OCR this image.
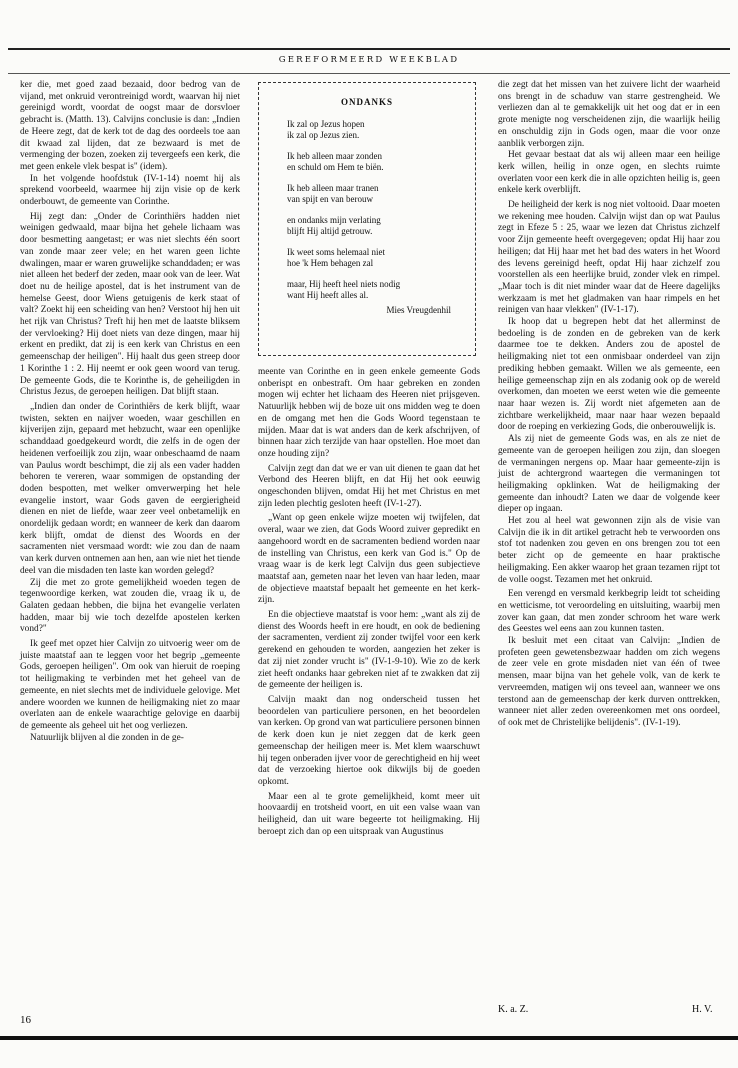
GEREFORMEERD WEEKBLAD

ker die, met goed zaad bezaaid, door bedrog van de vijand, met onkruid verontreinigd wordt, waarvan hij niet gereinigd wordt, voordat de oogst maar de dorsvloer gebracht is. (Matth. 13). Calvijns conclusie is dan: „Indien de Heere zegt, dat de kerk tot de dag des oordeels toe aan dit kwaad zal lijden, dat ze bezwaard is met de vermenging der bozen, zoeken zij tevergeefs een kerk, die met geen enkele vlek bespat is" (idem).

In het volgende hoofdstuk (IV-1-14) noemt hij als sprekend voorbeeld, waarmee hij zijn visie op de kerk onderbouwt, de gemeente van Corinthe.

Hij zegt dan: „Onder de Corinthiërs hadden niet weinigen gedwaald, maar bijna het gehele lichaam was door besmetting aangetast; er was niet slechts één soort van zonde maar zeer vele; en het waren geen lichte dwalingen, maar er waren gruwelijke schanddaden; er was niet alleen het bederf der zeden, maar ook van de leer. Wat doet nu de heilige apostel, dat is het instrument van de hemelse Geest, door Wiens getuigenis de kerk staat of valt? Zoekt hij een scheiding van hen? Verstoot hij hen uit het rijk van Christus? Treft hij hen met de laatste bliksem der vervloeking? Hij doet niets van deze dingen, maar hij erkent en predikt, dat zij is een kerk van Christus en een gemeenschap der heiligen". Hij haalt dus geen streep door 1 Korinthe 1 : 2. Hij neemt er ook geen woord van terug. De gemeente Gods, die te Korinthe is, de geheiligden in Christus Jezus, de geroepen heiligen. Dat blijft staan.

„Indien dan onder de Corinthiërs de kerk blijft, waar twisten, sekten en naijver woeden, waar geschillen en kijverijen zijn, gepaard met hebzucht, waar een openlijke schanddaad goedgekeurd wordt, die zelfs in de ogen der heidenen verfoeilijk zou zijn, waar onbeschaamd de naam van Paulus wordt beschimpt, die zij als een vader hadden behoren te vereren, waar sommigen de opstanding der doden bespotten, met welker omverwerping het hele evangelie instort, waar Gods gaven de eergierigheid dienen en niet de liefde, waar zeer veel onbetamelijk en onordelijk gedaan wordt; en wanneer de kerk dan daarom kerk blijft, omdat de dienst des Woords en der sacramenten niet versmaad wordt: wie zou dan de naam van kerk durven ontnemen aan hen, aan wie niet het tiende deel van die misdaden ten laste kan worden gelegd?

Zij die met zo grote gemelijkheid woeden tegen de tegenwoordige kerken, wat zouden die, vraag ik u, de Galaten gedaan hebben, die bijna het evangelie verlaten hadden, maar bij wie toch dezelfde apostelen kerken vond?"

Ik geef met opzet hier Calvijn zo uitvoerig weer om de juiste maatstaf aan te leggen voor het begrip „gemeente Gods, geroepen heiligen". Om ook van hieruit de roeping tot heiligmaking te verbinden met het geheel van de gemeente, en niet slechts met de individuele gelovige. Met andere woorden we kunnen de heiligmaking niet zo maar overlaten aan de enkele waarachtige gelovige en daarbij de gemeente als geheel uit het oog verliezen.

Natuurlijk blijven al die zonden in de ge-

ONDANKS
Ik zal op Jezus hopen
ik zal op Jezus zien.
Ik heb alleen maar zonden
en schuld om Hem te biën.
Ik heb alleen maar tranen
van spijt en van berouw
en ondanks mijn verlating
blijft Hij altijd getrouw.
Ik weet soms helemaal niet
hoe 'k Hem behagen zal
maar, Hij heeft heel niets nodig
want Hij heeft alles al.
Mies Vreugdenhil

meente van Corinthe en in geen enkele gemeente Gods onberispt en onbestraft. Om haar gebreken en zonden mogen wij echter het lichaam des Heeren niet prijsgeven. Natuurlijk hebben wij de boze uit ons midden weg te doen en de omgang met hen die Gods Woord tegenstaan te mijden. Maar dat is wat anders dan de kerk afschrijven, of binnen haar zich terzijde van haar opstellen. Hoe moet dan onze houding zijn?

Calvijn zegt dan dat we er van uit dienen te gaan dat het Verbond des Heeren blijft, en dat Hij het ook eeuwig ongeschonden blijven, omdat Hij het met Christus en met zijn leden plechtig gesloten heeft (IV-1-27).

„Want op geen enkele wijze moeten wij twijfelen, dat overal, waar we zien, dat Gods Woord zuiver gepredikt en aangehoord wordt en de sacramenten bediend worden naar de instelling van Christus, een kerk van God is." Op de vraag waar is de kerk legt Calvijn dus geen subjectieve maatstaf aan, gemeten naar het leven van haar leden, maar de objectieve maatstaf bepaalt het gemeente en het kerk-zijn.

En die objectieve maatstaf is voor hem: „want als zij de dienst des Woords heeft in ere houdt, en ook de bediening der sacramenten, verdient zij zonder twijfel voor een kerk gerekend en gehouden te worden, aangezien het zeker is dat zij niet zonder vrucht is" (IV-1-9-10). Wie zo de kerk ziet heeft ondanks haar gebreken niet af te zwakken dat zij de gemeente der heiligen is.

Calvijn maakt dan nog onderscheid tussen het beoordelen van particuliere personen, en het beoordelen van kerken. Op grond van wat particuliere personen binnen de kerk doen kun je niet zeggen dat de kerk geen gemeenschap der heiligen meer is. Met klem waarschuwt hij tegen onberaden ijver voor de gerechtigheid en hij weet dat de verzoeking hiertoe ook dikwijls bij de goeden opkomt.

Maar een al te grote gemelijkheid, komt meer uit hoovaardij en trotsheid voort, en uit een valse waan van heiligheid, dan uit ware begeerte tot heiligmaking. Hij beroept zich dan op een uitspraak van Augustinus

die zegt dat het missen van het zuivere licht der waarheid ons brengt in de schaduw van starre gestrengheid. We verliezen dan al te gemakkelijk uit het oog dat er in een grote menigte nog verscheidenen zijn, die waarlijk heilig en onschuldig zijn in Gods ogen, maar die voor onze aanblik verborgen zijn.

Het gevaar bestaat dat als wij alleen maar een heilige kerk willen, heilig in onze ogen, en slechts ruimte overlaten voor een kerk die in alle opzichten heilig is, geen enkele kerk overblijft.

De heiligheid der kerk is nog niet voltooid. Daar moeten we rekening mee houden. Calvijn wijst dan op wat Paulus zegt in Efeze 5 : 25, waar we lezen dat Christus zichzelf voor Zijn gemeente heeft overgegeven; opdat Hij haar zou heiligen; dat Hij haar met het bad des waters in het Woord des levens gereinigd heeft, opdat Hij haar zichzelf zou voorstellen als een heerlijke bruid, zonder vlek en rimpel. „Maar toch is dit niet minder waar dat de Heere dagelijks werkzaam is met het gladmaken van haar rimpels en het reinigen van haar vlekken" (IV-1-17).

Ik hoop dat u begrepen hebt dat het allerminst de bedoeling is de zonden en de gebreken van de kerk daarmee toe te dekken. Anders zou de apostel de heiligmaking niet tot een onmisbaar onderdeel van zijn prediking hebben gemaakt. Willen we als gemeente, een heilige gemeenschap zijn en als zodanig ook op de wereld overkomen, dan moeten we eerst weten wie die gemeente naar haar wezen is. Zij wordt niet afgemeten aan de zichtbare werkelijkheid, maar naar haar wezen bepaald door de roeping en verkiezing Gods, die onberouwelijk is.

Als zij niet de gemeente Gods was, en als ze niet de gemeente van de geroepen heiligen zou zijn, dan sloegen de vermaningen nergens op. Maar haar gemeente-zijn is juist de achtergrond waartegen die vermaningen tot heiligmaking opklinken. Wat de heiligmaking der gemeente dan inhoudt? Laten we daar de volgende keer dieper op ingaan.

Het zou al heel wat gewonnen zijn als de visie van Calvijn die ik in dit artikel getracht heb te verwoorden ons stof tot nadenken zou geven en ons brengen zou tot een beter zicht op de gemeente en haar praktische heiligmaking. Een akker waarop het graan tezamen rijpt tot de volle oogst. Tezamen met het onkruid.

Een verengd en versmald kerkbegrip leidt tot scheiding en wetticisme, tot veroordeling en uitsluiting, waarbij men zover kan gaan, dat men zonder schroom het ware werk des Geestes wel eens aan zou kunnen tasten.

Ik besluit met een citaat van Calvijn: „Indien de profeten geen gewetensbezwaar hadden om zich wegens de zeer vele en grote misdaden niet van één of twee mensen, maar bijna van het gehele volk, van de kerk te vervreemden, matigen wij ons teveel aan, wanneer we ons terstond aan de gemeenschap der kerk durven onttrekken, wanneer niet aller zeden overeenkomen met ons oordeel, of ook met de Christelijke belijdenis". (IV-1-19).

K. a. Z.	H. V.
16
